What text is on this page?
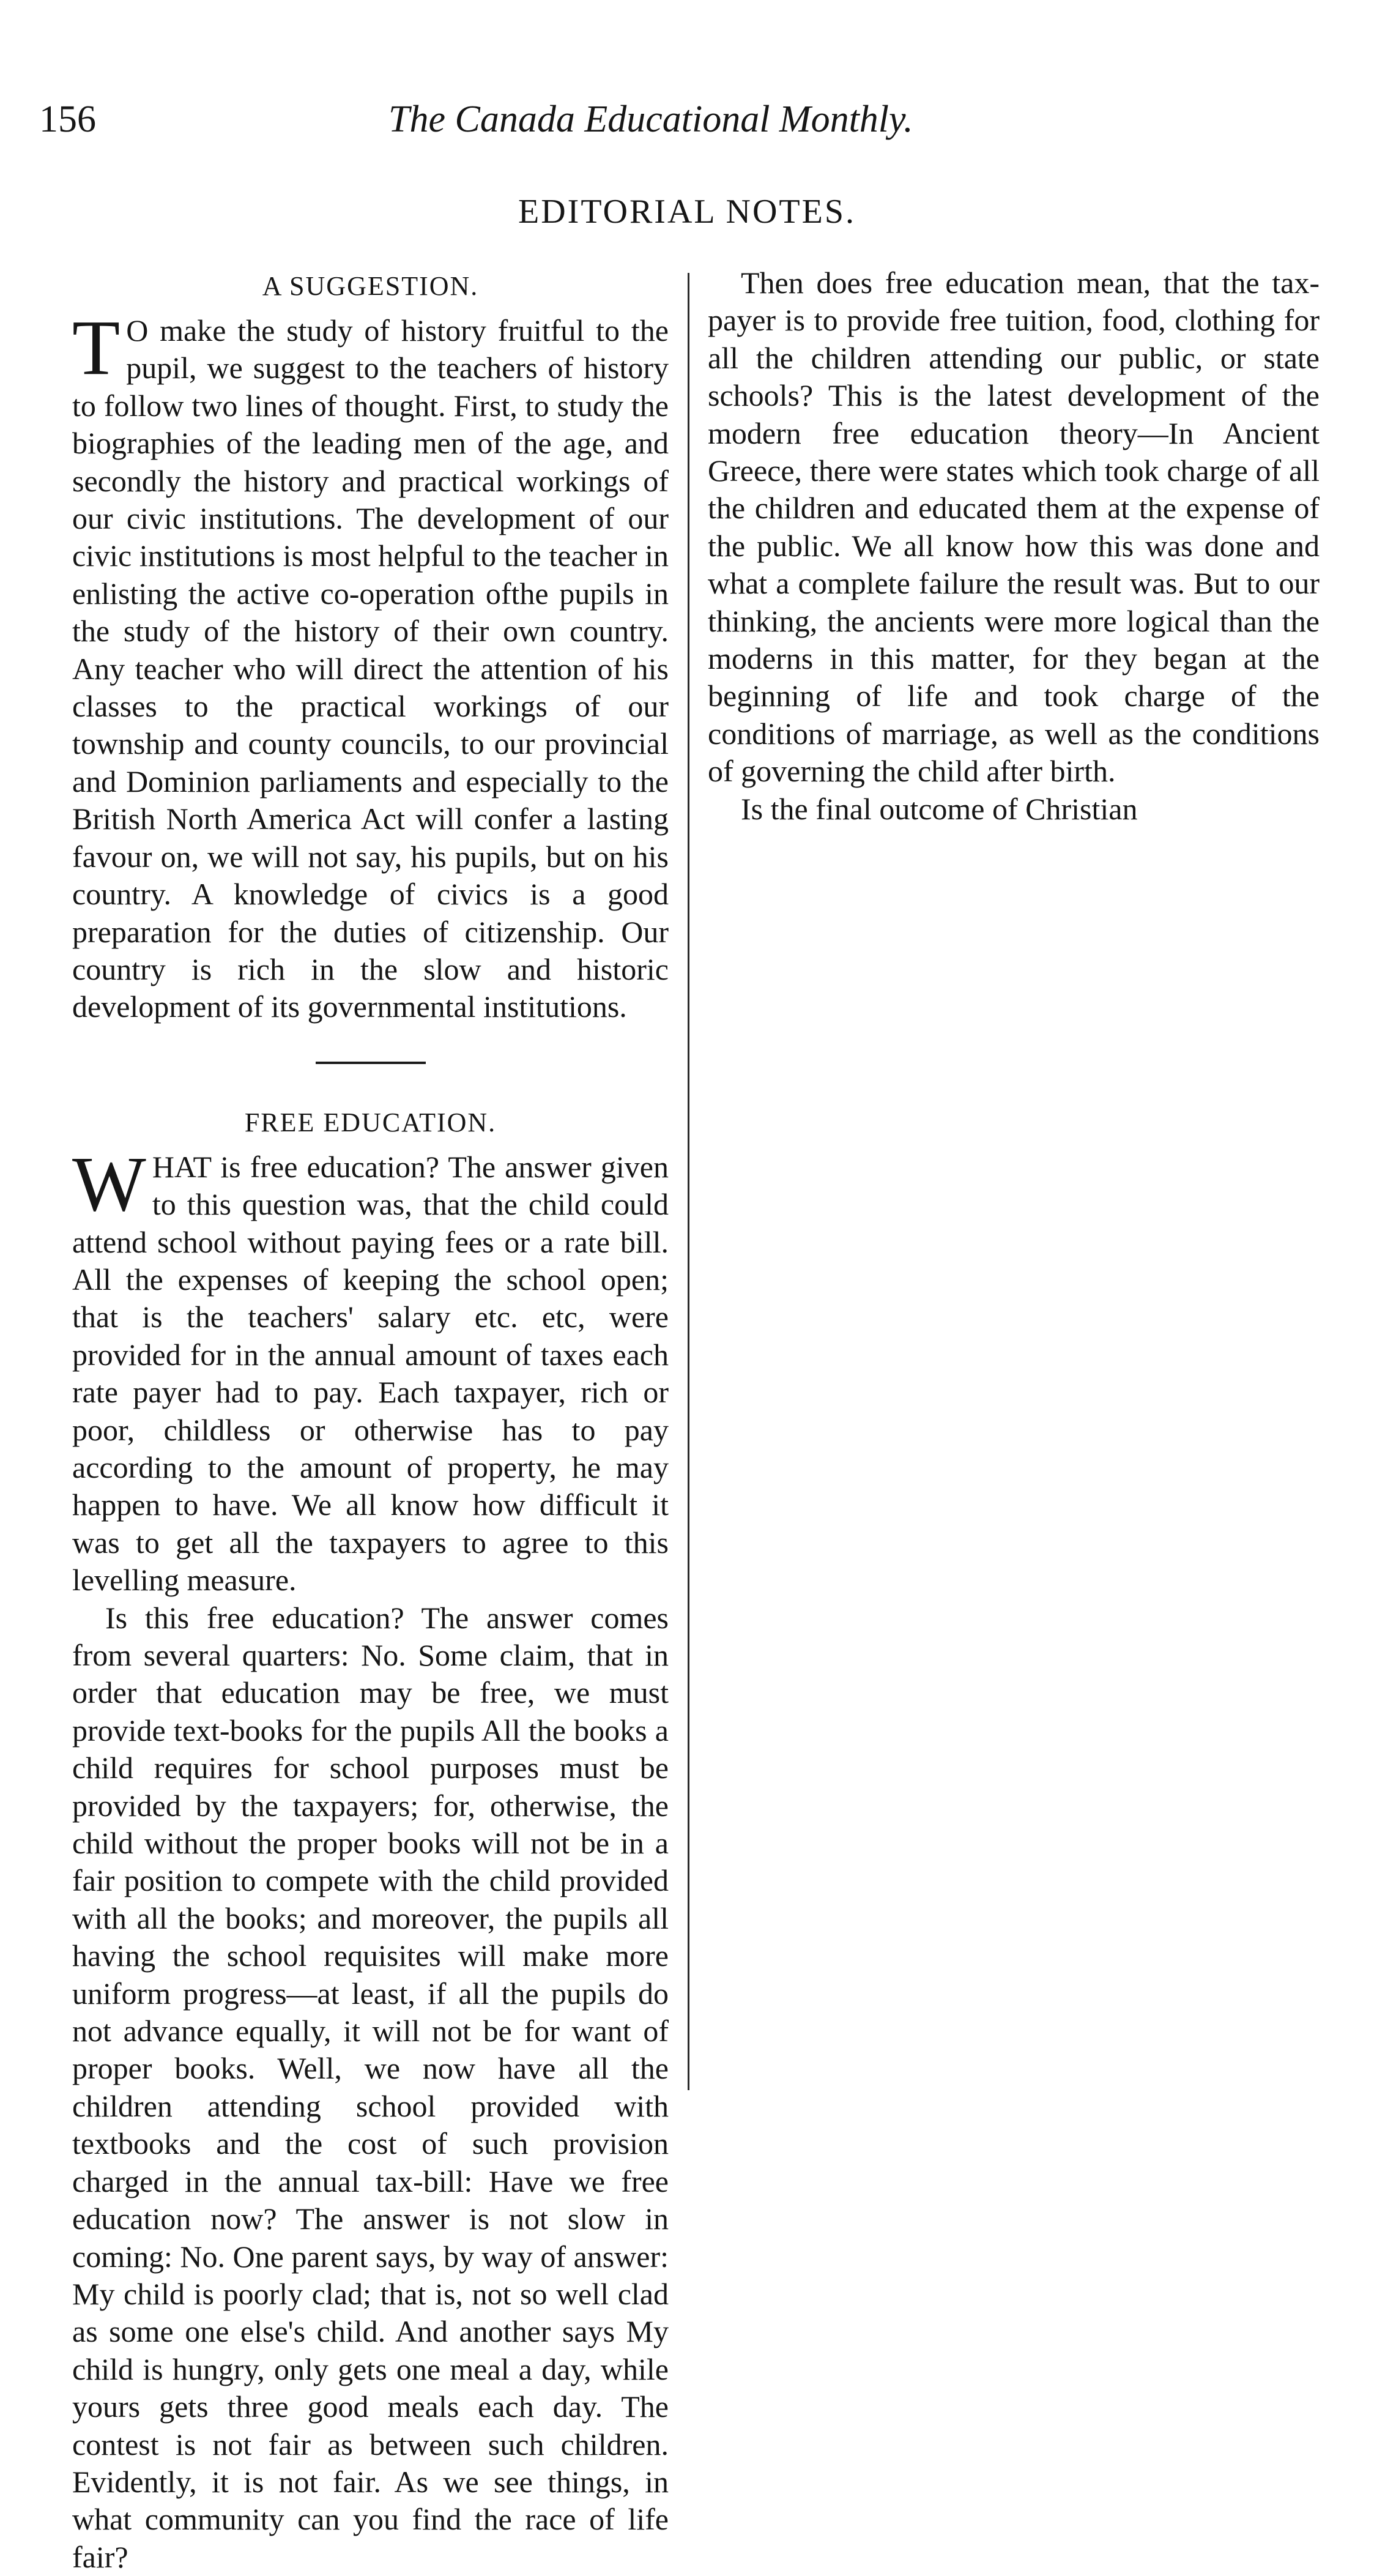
156	The Canada Educational Monthly.
EDITORIAL NOTES.
A SUGGESTION.

T O make the study of history fruitful to the pupil, we suggest to the teachers of history to follow two lines of thought. First, to study the biographies of the leading men of the age, and secondly the history and practical workings of our civic institutions. The development of our civic institutions is most helpful to the teacher in enlisting the active co-operation ofthe pupils in the study of the history of their own country. Any teacher who will direct the attention of his classes to the practical workings of our township and county councils, to our provincial and Dominion parliaments and especially to the British North America Act will confer a lasting favour on, we will not say, his pupils, but on his country. A knowledge of civics is a good preparation for the duties of citizenship. Our country is rich in the slow and historic development of its governmental institutions.

FREE EDUCATION.

WHAT is free education? The answer given to this question was, that the child could attend school without paying fees or a rate bill. All the expenses of keeping the school open; that is the teachers' salary etc. etc, were provided for in the annual amount of taxes each rate payer had to pay. Each taxpayer, rich or poor, childless or otherwise has to pay according to the amount of property, he may happen to have. We all know how difficult it was to get all the taxpayers to agree to this levelling measure.

Is this free education? The answer comes from several quarters: No. Some claim, that in order that education may be free, we must provide text-books for the pupils All the books a child requires for school purposes must be provided by the taxpayers; for, otherwise, the child without the proper books will not be in a fair position to compete with the child provided with all the books; and moreover, the pupils all having the school requisites will make more uniform progress—at least, if all the pupils do not advance equally, it will not be for want of proper books. Well, we now have all the children attending school provided with textbooks and the cost of such provision charged in the annual tax-bill: Have we free education now? The answer is not slow in coming: No. One parent says, by way of answer: My child is poorly clad; that is, not so well clad as some one else's child. And another says My child is hungry, only gets one meal a day, while yours gets three good meals each day. The contest is not fair as between such children. Evidently, it is not fair. As we see things, in what community can you find the race of life fair?

Then does free education mean, that the tax-payer is to provide free tuition, food, clothing for all the children attending our public, or state schools? This is the latest development of the modern free education theory—In Ancient Greece, there were states which took charge of all the children and educated them at the expense of the public. We all know how this was done and what a complete failure the result was. But to our thinking, the ancients were more logical than the moderns in this matter, for they began at the beginning of life and took charge of the conditions of marriage, as well as the conditions of governing the child after birth.

Is the final outcome of Christian
